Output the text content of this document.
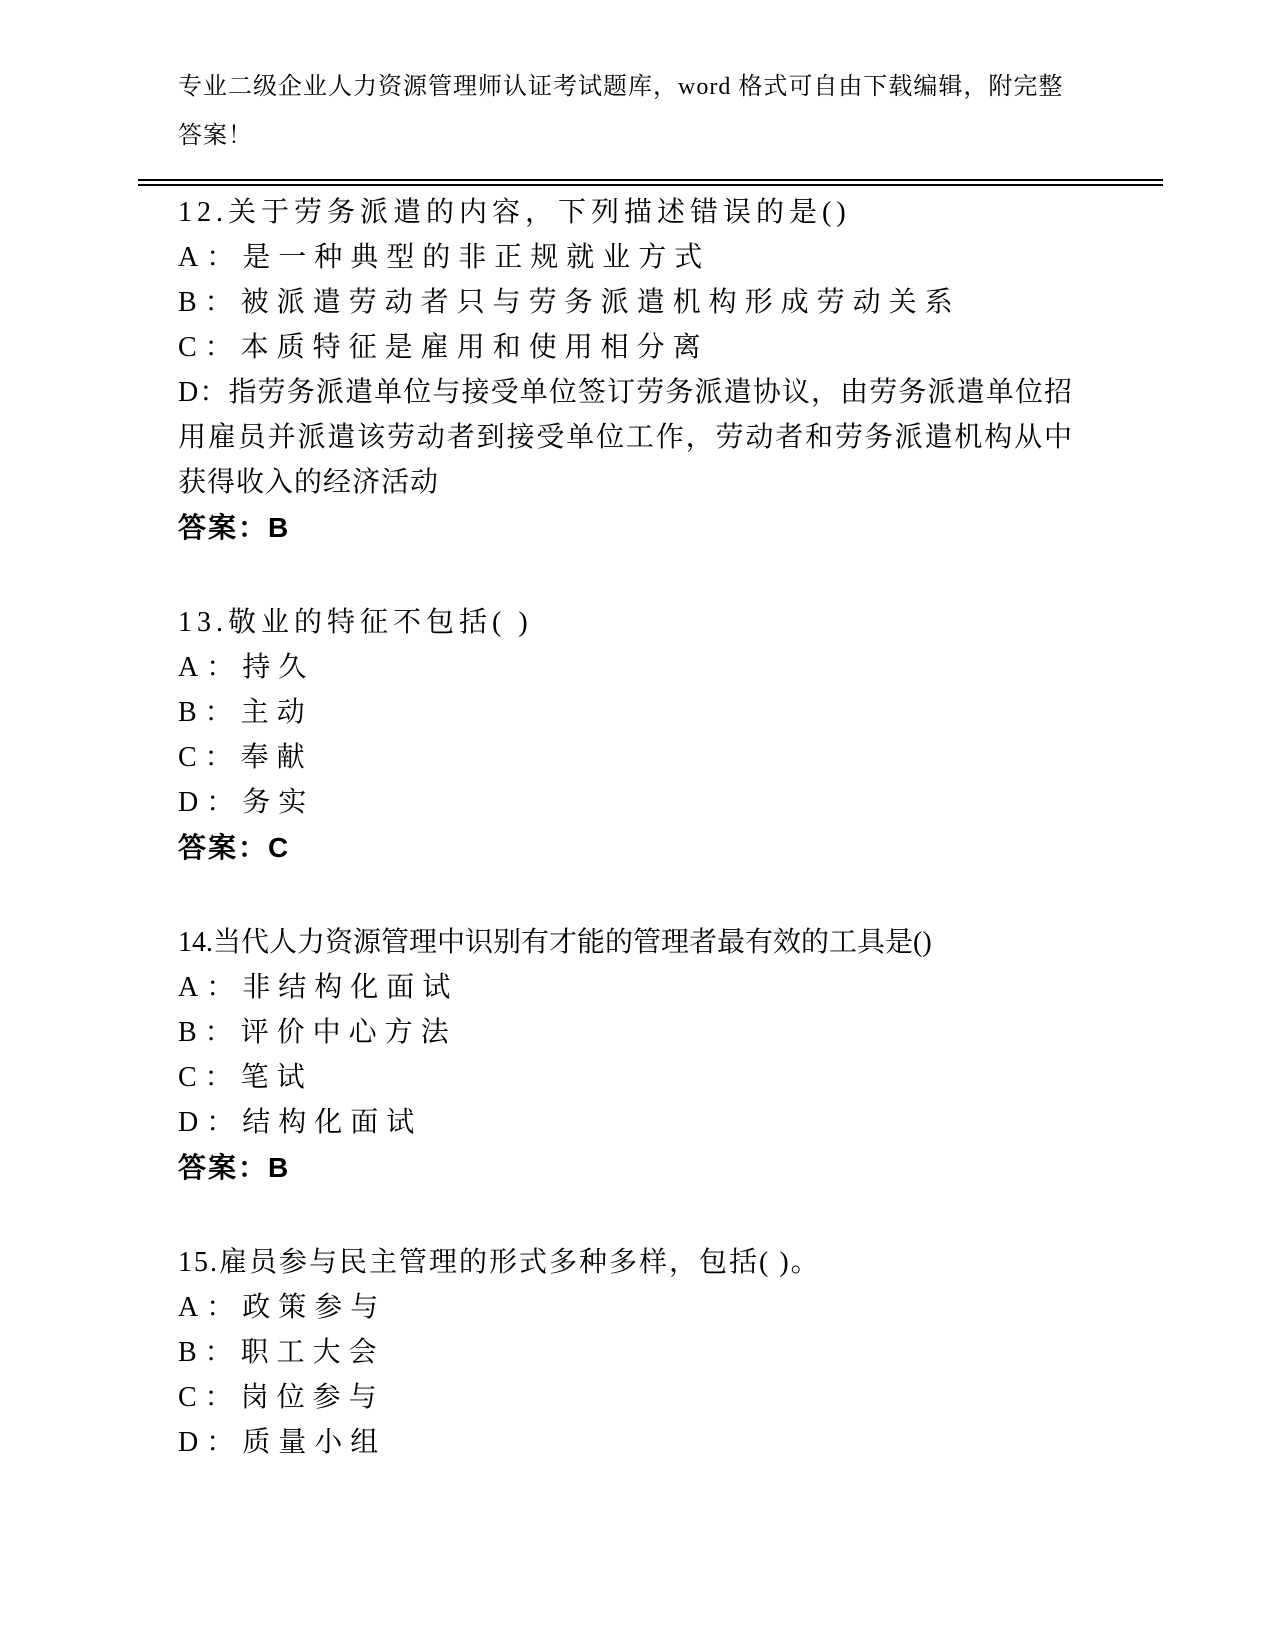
专业二级企业人力资源管理师认证考试题库，word 格式可自由下载编辑，附完整答案！
12.关于劳务派遣的内容，下列描述错误的是()
A：是一种典型的非正规就业方式
B：被派遣劳动者只与劳务派遣机构形成劳动关系
C：本质特征是雇用和使用相分离
D：指劳务派遣单位与接受单位签订劳务派遣协议，由劳务派遣单位招用雇员并派遣该劳动者到接受单位工作，劳动者和劳务派遣机构从中获得收入的经济活动
答案：B
13.敬业的特征不包括( )
A：持久
B：主动
C：奉献
D：务实
答案：C
14.当代人力资源管理中识别有才能的管理者最有效的工具是()
A：非结构化面试
B：评价中心方法
C：笔试
D：结构化面试
答案：B
15.雇员参与民主管理的形式多种多样，包括( )。
A：政策参与
B：职工大会
C：岗位参与
D：质量小组
